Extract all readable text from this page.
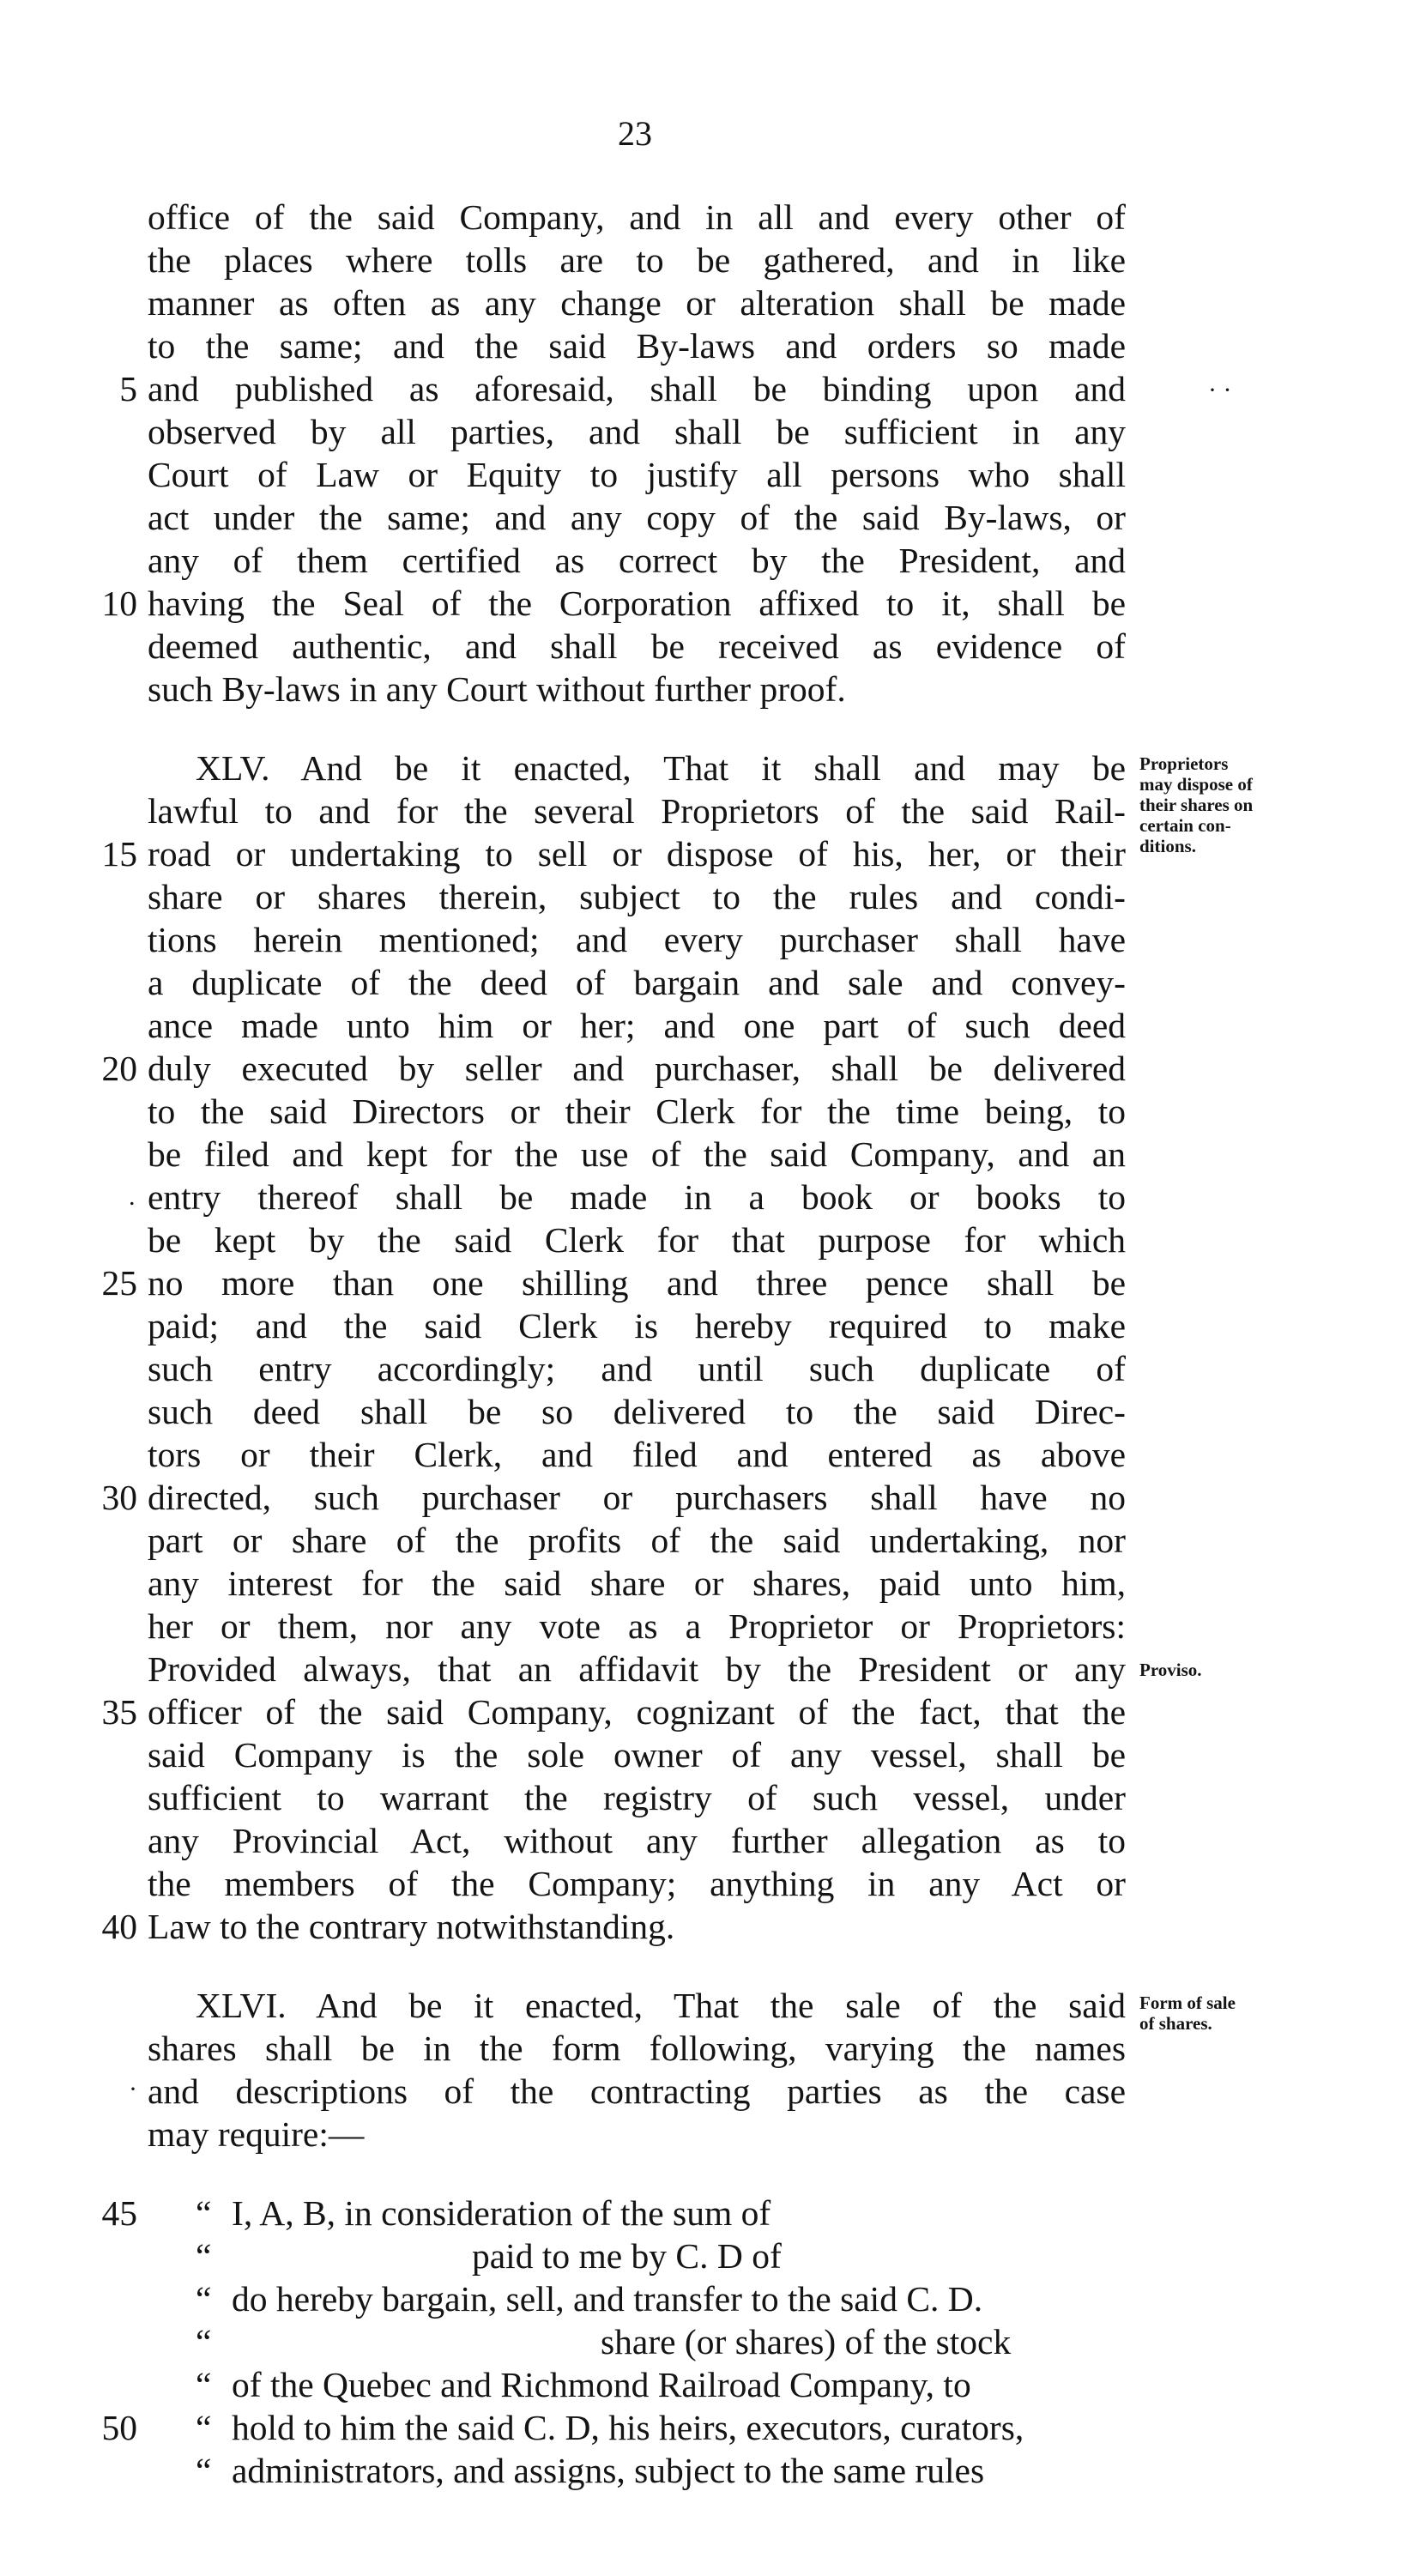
23
office of the said Company, and in all and every other of
the places where tolls are to be gathered, and in like
manner as often as any change or alteration shall be made
to the same; and the said By-laws and orders so made
and published as aforesaid, shall be binding upon and
observed by all parties, and shall be sufficient in any
Court of Law or Equity to justify all persons who shall
act under the same; and any copy of the said By-laws, or
any of them certified as correct by the President, and
having the Seal of the Corporation affixed to it, shall be
deemed authentic, and shall be received as evidence of
such By-laws in any Court without further proof.
XLV. And be it enacted, That it shall and may be
lawful to and for the several Proprietors of the said Rail-
road or undertaking to sell or dispose of his, her, or their
share or shares therein, subject to the rules and condi-
tions herein mentioned; and every purchaser shall have
a duplicate of the deed of bargain and sale and convey-
ance made unto him or her; and one part of such deed
duly executed by seller and purchaser, shall be delivered
to the said Directors or their Clerk for the time being, to
be filed and kept for the use of the said Company, and an
entry thereof shall be made in a book or books to
be kept by the said Clerk for that purpose for which
no more than one shilling and three pence shall be
paid; and the said Clerk is hereby required to make
such entry accordingly; and until such duplicate of
such deed shall be so delivered to the said Direc-
tors or their Clerk, and filed and entered as above
directed, such purchaser or purchasers shall have no
part or share of the profits of the said undertaking, nor
any interest for the said share or shares, paid unto him,
her or them, nor any vote as a Proprietor or Proprietors:
Provided always, that an affidavit by the President or any
officer of the said Company, cognizant of the fact, that the
said Company is the sole owner of any vessel, shall be
sufficient to warrant the registry of such vessel, under
any Provincial Act, without any further allegation as to
the members of the Company; anything in any Act or
Law to the contrary notwithstanding.
XLVI. And be it enacted, That the sale of the said
shares shall be in the form following, varying the names
and descriptions of the contracting parties as the case
may require:—
“ I, A, B, in consideration of the sum of
“	paid to me by C. D of
“ do hereby bargain, sell, and transfer to the said C. D.
“	share (or shares) of the stock
“ of the Quebec and Richmond Railroad Company, to
“ hold to him the said C. D, his heirs, executors, curators,
“ administrators, and assigns, subject to the same rules
5
10
15
20
25
30
35
40
45
50
Proprietors
may dispose of
their shares on
certain con-
ditions.
Proviso.
Form of sale
of shares.
· ·
.
·
